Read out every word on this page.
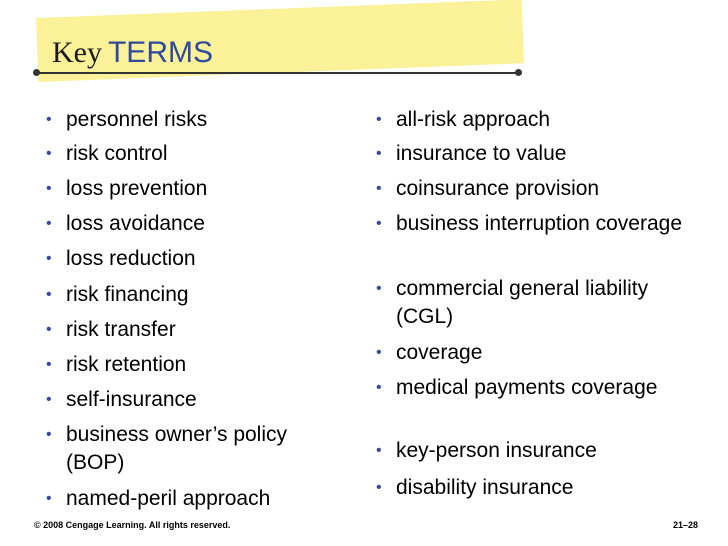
Key TERMS
• personnel risks
• risk control
• loss prevention
• loss avoidance
• loss reduction
• risk financing
• risk transfer
• risk retention
• self-insurance
• business owner’s policy (BOP)
• named-peril approach
• all-risk approach
• insurance to value
• coinsurance provision
• business interruption coverage
• commercial general liability (CGL)
• coverage
• medical payments coverage
• key-person insurance
• disability insurance
© 2008 Cengage Learning. All rights reserved.	21–28
